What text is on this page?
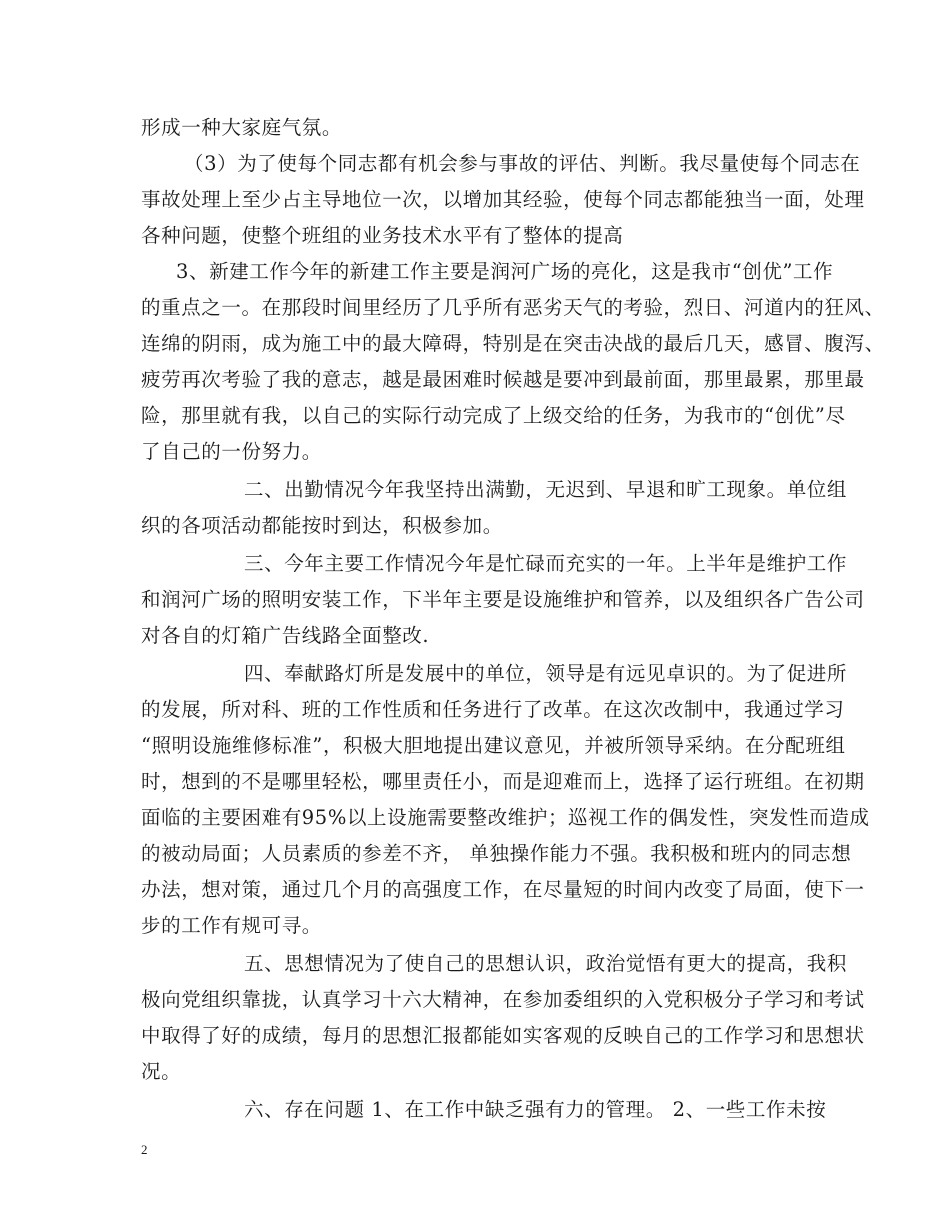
形成一种大家庭气氛。
（3）为了使每个同志都有机会参与事故的评估、判断。我尽量使每个同志在
事故处理上至少占主导地位一次，以增加其经验，使每个同志都能独当一面，处理
各种问题，使整个班组的业务技术水平有了整体的提高
3、新建工作今年的新建工作主要是润河广场的亮化，这是我市“创优”工作
的重点之一。在那段时间里经历了几乎所有恶劣天气的考验，烈日、河道内的狂风、
连绵的阴雨，成为施工中的最大障碍，特别是在突击决战的最后几天，感冒、腹泻、
疲劳再次考验了我的意志，越是最困难时候越是要冲到最前面，那里最累，那里最
险，那里就有我，以自己的实际行动完成了上级交给的任务，为我市的“创优”尽
了自己的一份努力。
二、出勤情况今年我坚持出满勤，无迟到、早退和旷工现象。单位组
织的各项活动都能按时到达，积极参加。
三、今年主要工作情况今年是忙碌而充实的一年。上半年是维护工作
和润河广场的照明安装工作，下半年主要是设施维护和管养，以及组织各广告公司
对各自的灯箱广告线路全面整改.
四、奉献路灯所是发展中的单位，领导是有远见卓识的。为了促进所
的发展，所对科、班的工作性质和任务进行了改革。在这次改制中，我通过学习
“照明设施维修标准”，积极大胆地提出建议意见，并被所领导采纳。在分配班组
时，想到的不是哪里轻松，哪里责任小，而是迎难而上，选择了运行班组。在初期
面临的主要困难有95%以上设施需要整改维护；巡视工作的偶发性，突发性而造成
的被动局面；人员素质的参差不齐， 单独操作能力不强。我积极和班内的同志想
办法，想对策，通过几个月的高强度工作，在尽量短的时间内改变了局面，使下一
步的工作有规可寻。
五、思想情况为了使自己的思想认识，政治觉悟有更大的提高，我积
极向党组织靠拢，认真学习十六大精神，在参加委组织的入党积极分子学习和考试
中取得了好的成绩，每月的思想汇报都能如实客观的反映自己的工作学习和思想状
况。
六、存在问题 1、在工作中缺乏强有力的管理。 2、一些工作未按
2
